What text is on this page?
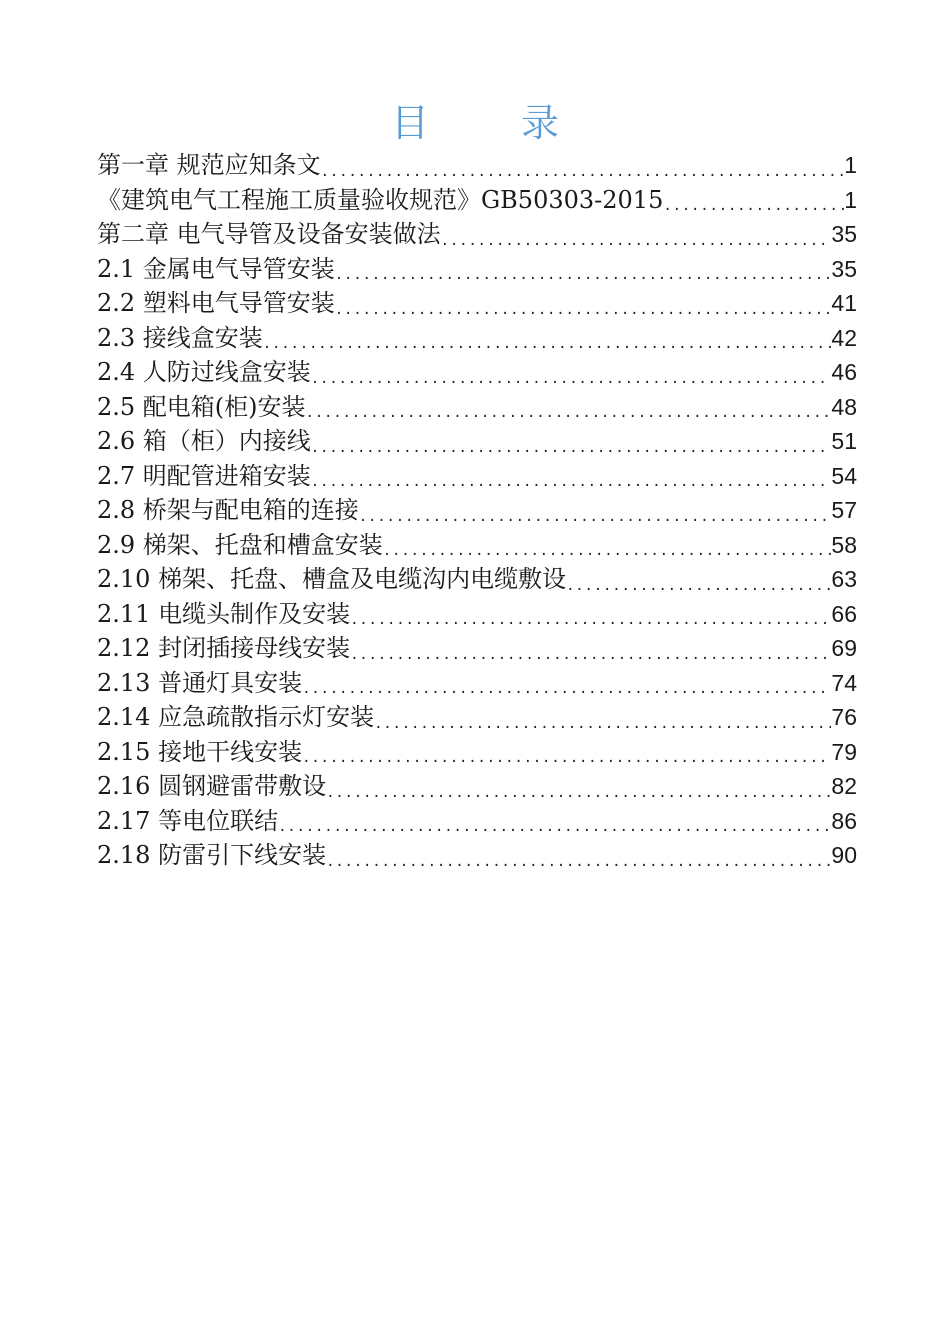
目 录
第一章 规范应知条文 .....	1
《建筑电气工程施工质量验收规范》GB50303-2015 .....	1
第二章 电气导管及设备安装做法 .....	35
2.1 金属电气导管安装 .....	35
2.2 塑料电气导管安装 .....	41
2.3 接线盒安装 .....	42
2.4 人防过线盒安装 .....	46
2.5 配电箱(柜)安装 .....	48
2.6 箱（柜）内接线 .....	51
2.7 明配管进箱安装 .....	54
2.8 桥架与配电箱的连接 .....	57
2.9 梯架、托盘和槽盒安装 .....	58
2.10 梯架、托盘、槽盒及电缆沟内电缆敷设 .....	63
2.11 电缆头制作及安装 .....	66
2.12 封闭插接母线安装 .....	69
2.13 普通灯具安装 .....	74
2.14 应急疏散指示灯安装 .....	76
2.15 接地干线安装 .....	79
2.16 圆钢避雷带敷设 .....	82
2.17 等电位联结 .....	86
2.18 防雷引下线安装 .....	90
